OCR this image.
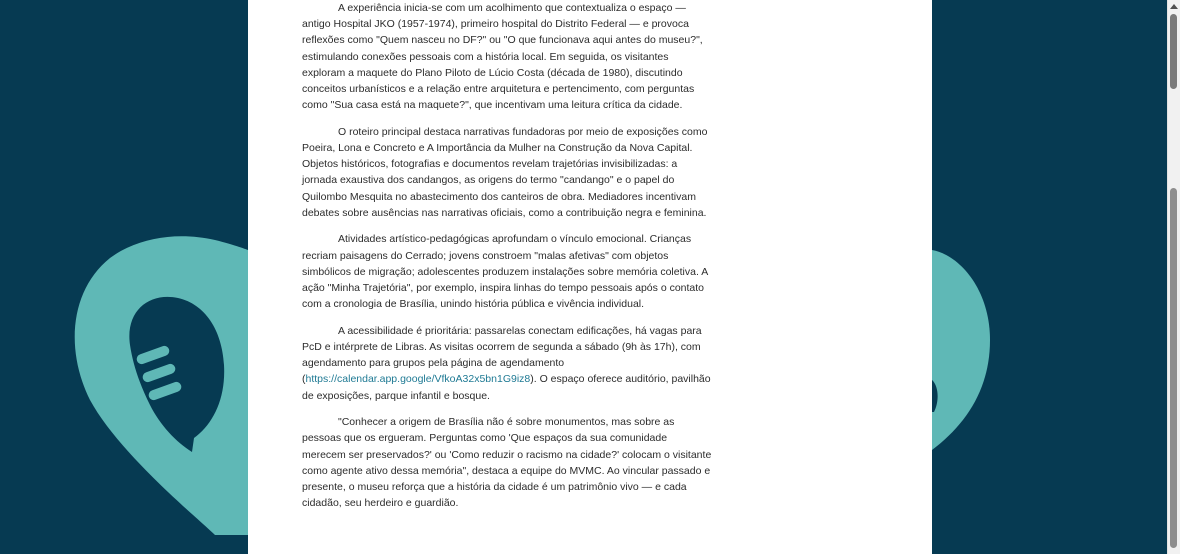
A experiência inicia-se com um acolhimento que contextualiza o espaço — antigo Hospital JKO (1957-1974), primeiro hospital do Distrito Federal — e provoca reflexões como "Quem nasceu no DF?" ou "O que funcionava aqui antes do museu?", estimulando conexões pessoais com a história local. Em seguida, os visitantes exploram a maquete do Plano Piloto de Lúcio Costa (década de 1980), discutindo conceitos urbanísticos e a relação entre arquitetura e pertencimento, com perguntas como "Sua casa está na maquete?", que incentivam uma leitura crítica da cidade.

O roteiro principal destaca narrativas fundadoras por meio de exposições como Poeira, Lona e Concreto e A Importância da Mulher na Construção da Nova Capital. Objetos históricos, fotografias e documentos revelam trajetórias invisibilizadas: a jornada exaustiva dos candangos, as origens do termo "candango" e o papel do Quilombo Mesquita no abastecimento dos canteiros de obra. Mediadores incentivam debates sobre ausências nas narrativas oficiais, como a contribuição negra e feminina.

Atividades artístico-pedagógicas aprofundam o vínculo emocional. Crianças recriam paisagens do Cerrado; jovens constroem "malas afetivas" com objetos simbólicos de migração; adolescentes produzem instalações sobre memória coletiva. A ação "Minha Trajetória", por exemplo, inspira linhas do tempo pessoais após o contato com a cronologia de Brasília, unindo história pública e vivência individual.

A acessibilidade é prioritária: passarelas conectam edificações, há vagas para PcD e intérprete de Libras. As visitas ocorrem de segunda a sábado (9h às 17h), com agendamento para grupos pela página de agendamento (https://calendar.app.google/VfkoA32x5bn1G9iz8). O espaço oferece auditório, pavilhão de exposições, parque infantil e bosque.

"Conhecer a origem de Brasília não é sobre monumentos, mas sobre as pessoas que os ergueram. Perguntas como 'Que espaços da sua comunidade merecem ser preservados?' ou 'Como reduzir o racismo na cidade?' colocam o visitante como agente ativo dessa memória", destaca a equipe do MVMC. Ao vincular passado e presente, o museu reforça que a história da cidade é um patrimônio vivo — e cada cidadão, seu herdeiro e guardião.
